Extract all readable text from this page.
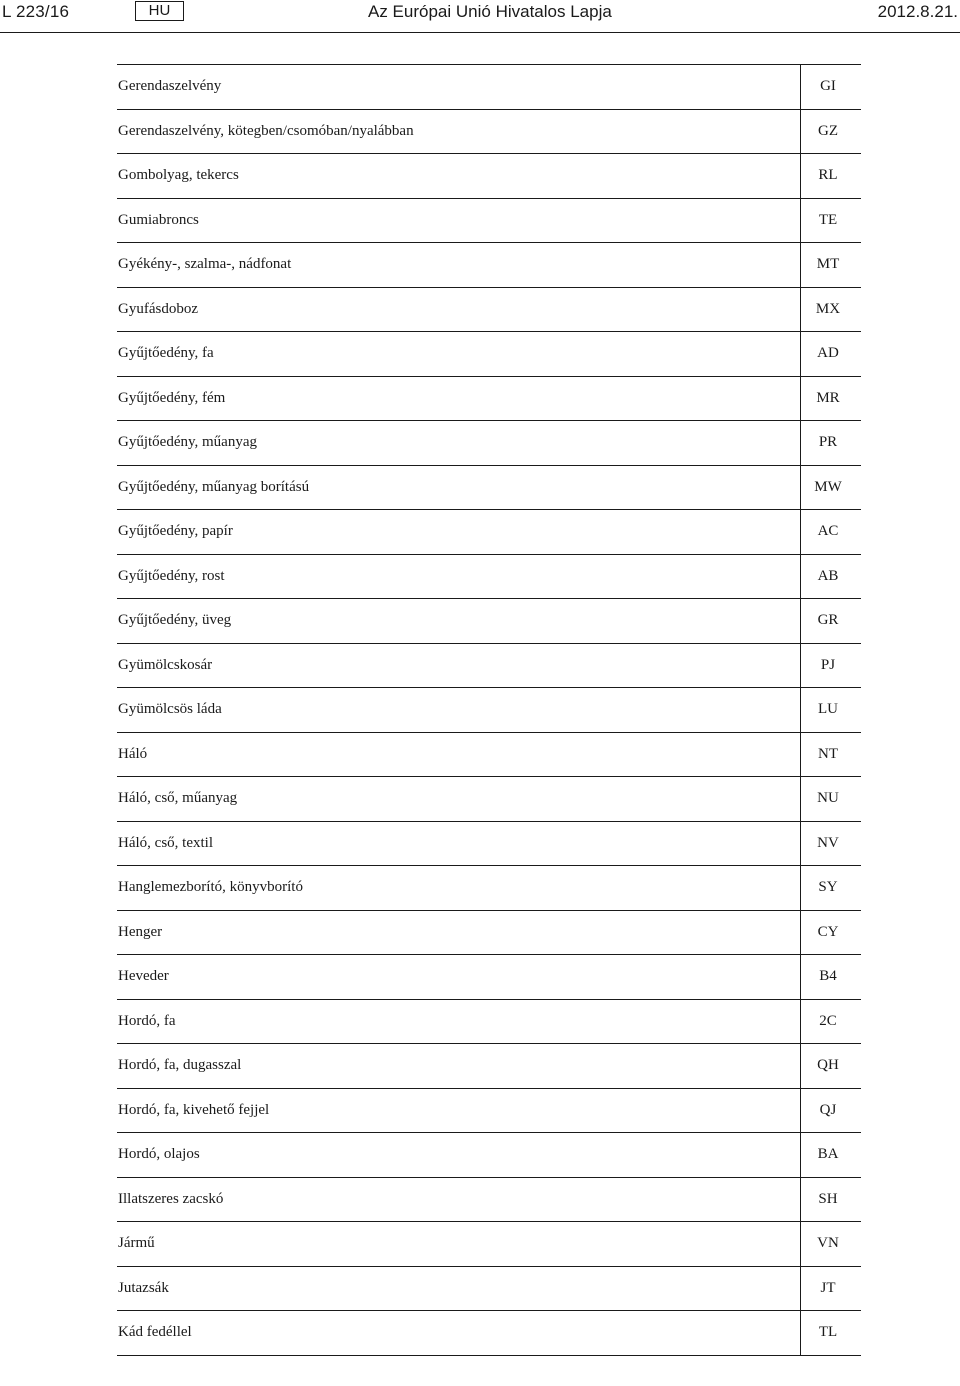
L 223/16	HU	Az Európai Unió Hivatalos Lapja	2012.8.21.
Gerendaszelvény	GI
Gerendaszelvény, kötegben/csomóban/nyalábban	GZ
Gombolyag, tekercs	RL
Gumiabroncs	TE
Gyékény-, szalma-, nádfonat	MT
Gyufásdoboz	MX
Gyűjtőedény, fa	AD
Gyűjtőedény, fém	MR
Gyűjtőedény, műanyag	PR
Gyűjtőedény, műanyag borítású	MW
Gyűjtőedény, papír	AC
Gyűjtőedény, rost	AB
Gyűjtőedény, üveg	GR
Gyümölcskosár	PJ
Gyümölcsös láda	LU
Háló	NT
Háló, cső, műanyag	NU
Háló, cső, textil	NV
Hanglemezborító, könyvborító	SY
Henger	CY
Heveder	B4
Hordó, fa	2C
Hordó, fa, dugasszal	QH
Hordó, fa, kivehető fejjel	QJ
Hordó, olajos	BA
Illatszeres zacskó	SH
Jármű	VN
Jutazsák	JT
Kád fedéllel	TL
